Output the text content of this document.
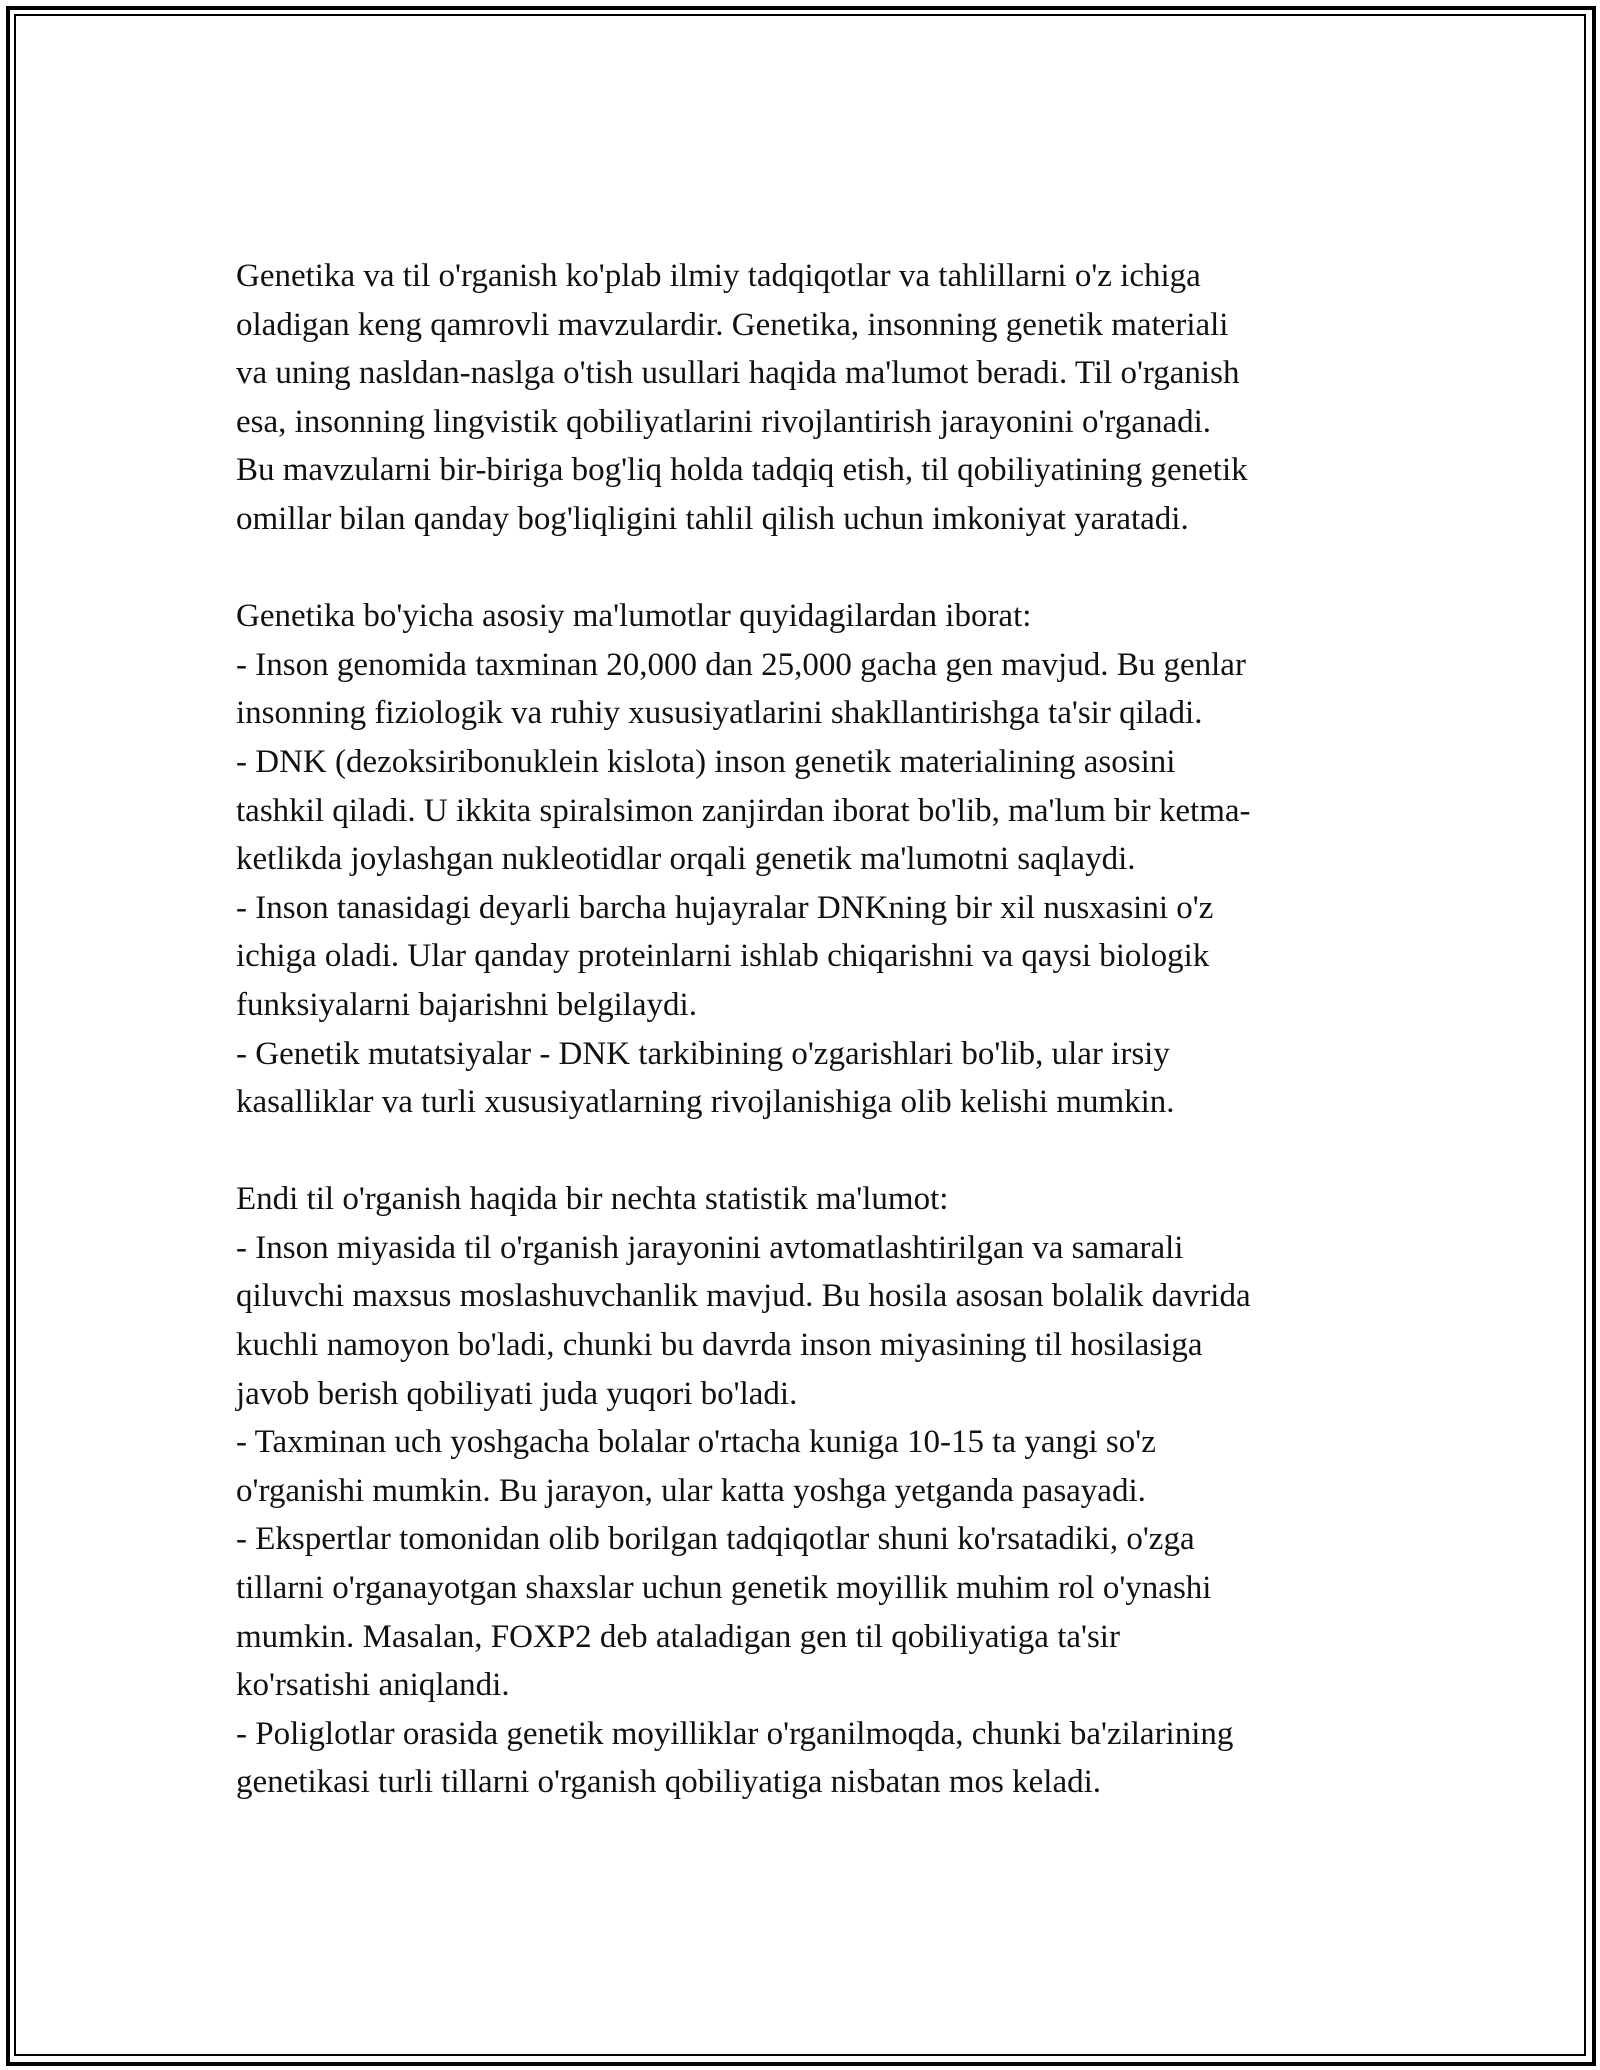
Genetika va til o'rganish ko'plab ilmiy tadqiqotlar va tahlillarni o'z ichiga
oladigan keng qamrovli mavzulardir. Genetika, insonning genetik materiali
va uning nasldan-naslga o'tish usullari haqida ma'lumot beradi. Til o'rganish
esa, insonning lingvistik qobiliyatlarini rivojlantirish jarayonini o'rganadi.
Bu mavzularni bir-biriga bog'liq holda tadqiq etish, til qobiliyatining genetik
omillar bilan qanday bog'liqligini tahlil qilish uchun imkoniyat yaratadi.
Genetika bo'yicha asosiy ma'lumotlar quyidagilardan iborat:
- Inson genomida taxminan 20,000 dan 25,000 gacha gen mavjud. Bu genlar
insonning fiziologik va ruhiy xususiyatlarini shakllantirishga ta'sir qiladi.
- DNK (dezoksiribonuklein kislota) inson genetik materialining asosini
tashkil qiladi. U ikkita spiralsimon zanjirdan iborat bo'lib, ma'lum bir ketma-
ketlikda joylashgan nukleotidlar orqali genetik ma'lumotni saqlaydi.
- Inson tanasidagi deyarli barcha hujayralar DNKning bir xil nusxasini o'z
ichiga oladi. Ular qanday proteinlarni ishlab chiqarishni va qaysi biologik
funksiyalarni bajarishni belgilaydi.
- Genetik mutatsiyalar - DNK tarkibining o'zgarishlari bo'lib, ular irsiy
kasalliklar va turli xususiyatlarning rivojlanishiga olib kelishi mumkin.
Endi til o'rganish haqida bir nechta statistik ma'lumot:
- Inson miyasida til o'rganish jarayonini avtomatlashtirilgan va samarali
qiluvchi maxsus moslashuvchanlik mavjud. Bu hosila asosan bolalik davrida
kuchli namoyon bo'ladi, chunki bu davrda inson miyasining til hosilasiga
javob berish qobiliyati juda yuqori bo'ladi.
- Taxminan uch yoshgacha bolalar o'rtacha kuniga 10-15 ta yangi so'z
o'rganishi mumkin. Bu jarayon, ular katta yoshga yetganda pasayadi.
- Ekspertlar tomonidan olib borilgan tadqiqotlar shuni ko'rsatadiki, o'zga
tillarni o'rganayotgan shaxslar uchun genetik moyillik muhim rol o'ynashi
mumkin. Masalan, FOXP2 deb ataladigan gen til qobiliyatiga ta'sir
ko'rsatishi aniqlandi.
- Poliglotlar orasida genetik moyilliklar o'rganilmoqda, chunki ba'zilarining
genetikasi turli tillarni o'rganish qobiliyatiga nisbatan mos keladi.
